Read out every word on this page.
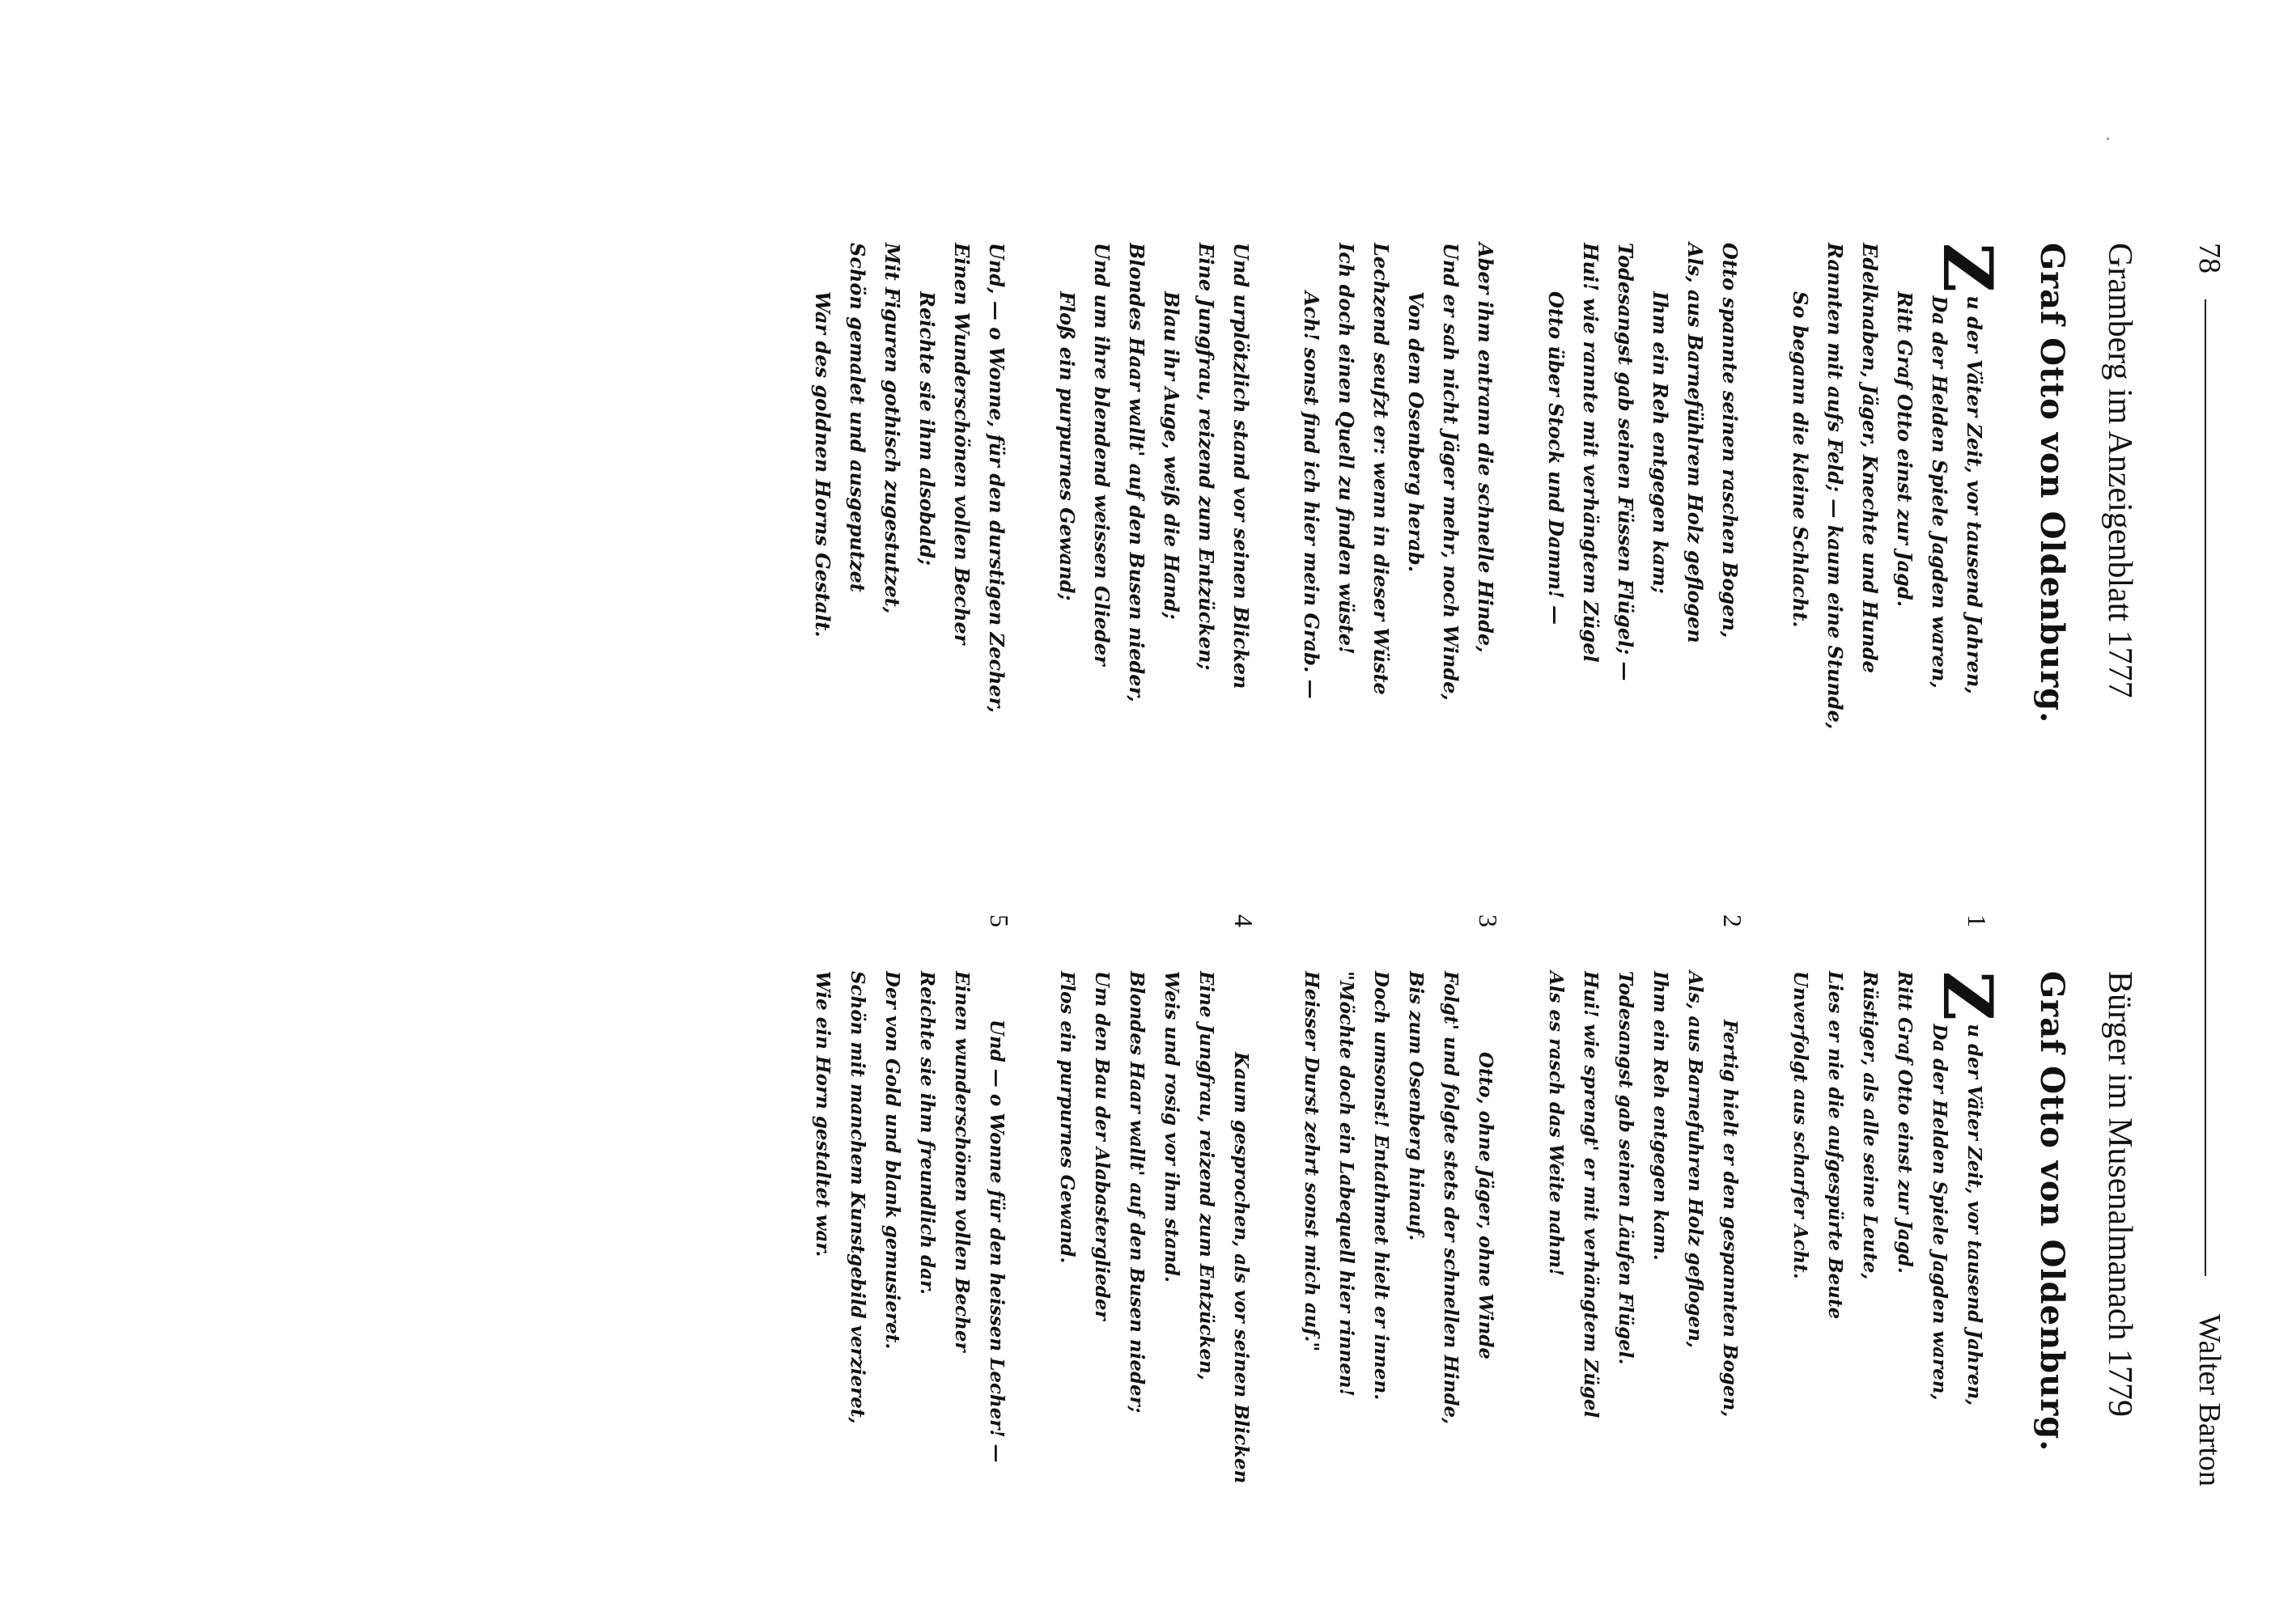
78
Walter Barton
Gramberg im Anzeigenblatt 1777
Graf Otto von Oldenburg.
1
Z
u der Väter Zeit, vor tausend Jahren,
Da der Helden Spiele Jagden waren,
Ritt Graf Otto einst zur Jagd.
Edelknaben, Jäger, Knechte und Hunde
Rannten mit aufs Feld; — kaum eine Stunde,
So begann die kleine Schlacht.
2
Otto spannte seinen raschen Bogen,
Als, aus Barnefühlrem Holz geflogen
Ihm ein Reh entgegen kam;
Todesangst gab seinen Füssen Flügel; —
Hui! wie rannte mit verhängtem Zügel
Otto über Stock und Damm! —
3
Aber ihm entrann die schnelle Hinde,
Und er sah nicht Jäger mehr, noch Winde,
Von dem Osenberg herab.
Lechzend seufzt er: wenn in dieser Wüste
Ich doch einen Quell zu finden wüste!
Ach! sonst find ich hier mein Grab. —
4
Und urplötzlich stand vor seinen Blicken
Eine Jungfrau, reizend zum Entzücken;
Blau ihr Auge, weiß die Hand;
Blondes Haar wallt' auf den Busen nieder,
Und um ihre blendend weissen Glieder
Floß ein purpurnes Gewand;
5
Und, — o Wonne, für den durstigen Zecher,
Einen Wunderschönen vollen Becher
Reichte sie ihm alsobald;
Mit Figuren gothisch zugestutzet,
Schön gemalet und ausgeputzet
War des goldnen Horns Gestalt.
Bürger im Musenalmanach 1779
Graf Otto von Oldenburg.
Z
u der Väter Zeit, vor tausend Jahren,
Da der Helden Spiele Jagden waren,
Ritt Graf Otto einst zur Jagd.
Rüstiger, als alle seine Leute,
Lies er nie die aufgespürte Beute
Unverfolgt aus scharfer Acht.
Fertig hielt er den gespannten Bogen,
Als, aus Barnefuhren Holz geflogen,
Ihm ein Reh entgegen kam.
Todesangst gab seinen Läufen Flügel.
Hui! wie sprengt' er mit verhängtem Zügel
Als es rasch das Weite nahm!
Otto, ohne Jäger, ohne Winde
Folgt' und folgte stets der schnellen Hinde,
Bis zum Osenberg hinauf.
Doch umsonst! Entathmet hielt er innen.
"Möchte doch ein Labequell hier rinnen!
Heisser Durst zehrt sonst mich auf."
Kaum gesprochen, als vor seinen Blicken
Eine Jungfrau, reizend zum Entzücken,
Weis und rosig vor ihm stand.
Blondes Haar wallt' auf den Busen nieder;
Um den Bau der Alabasterglieder
Flos ein purpurnes Gewand.
Und — o Wonne für den heissen Lecher! —
Einen wunderschönen vollen Becher
Reichte sie ihm freundlich dar.
Der von Gold und blank gemusieret.
Schön mit manchem Kunstgebild verzieret,
Wie ein Horn gestaltet war.
